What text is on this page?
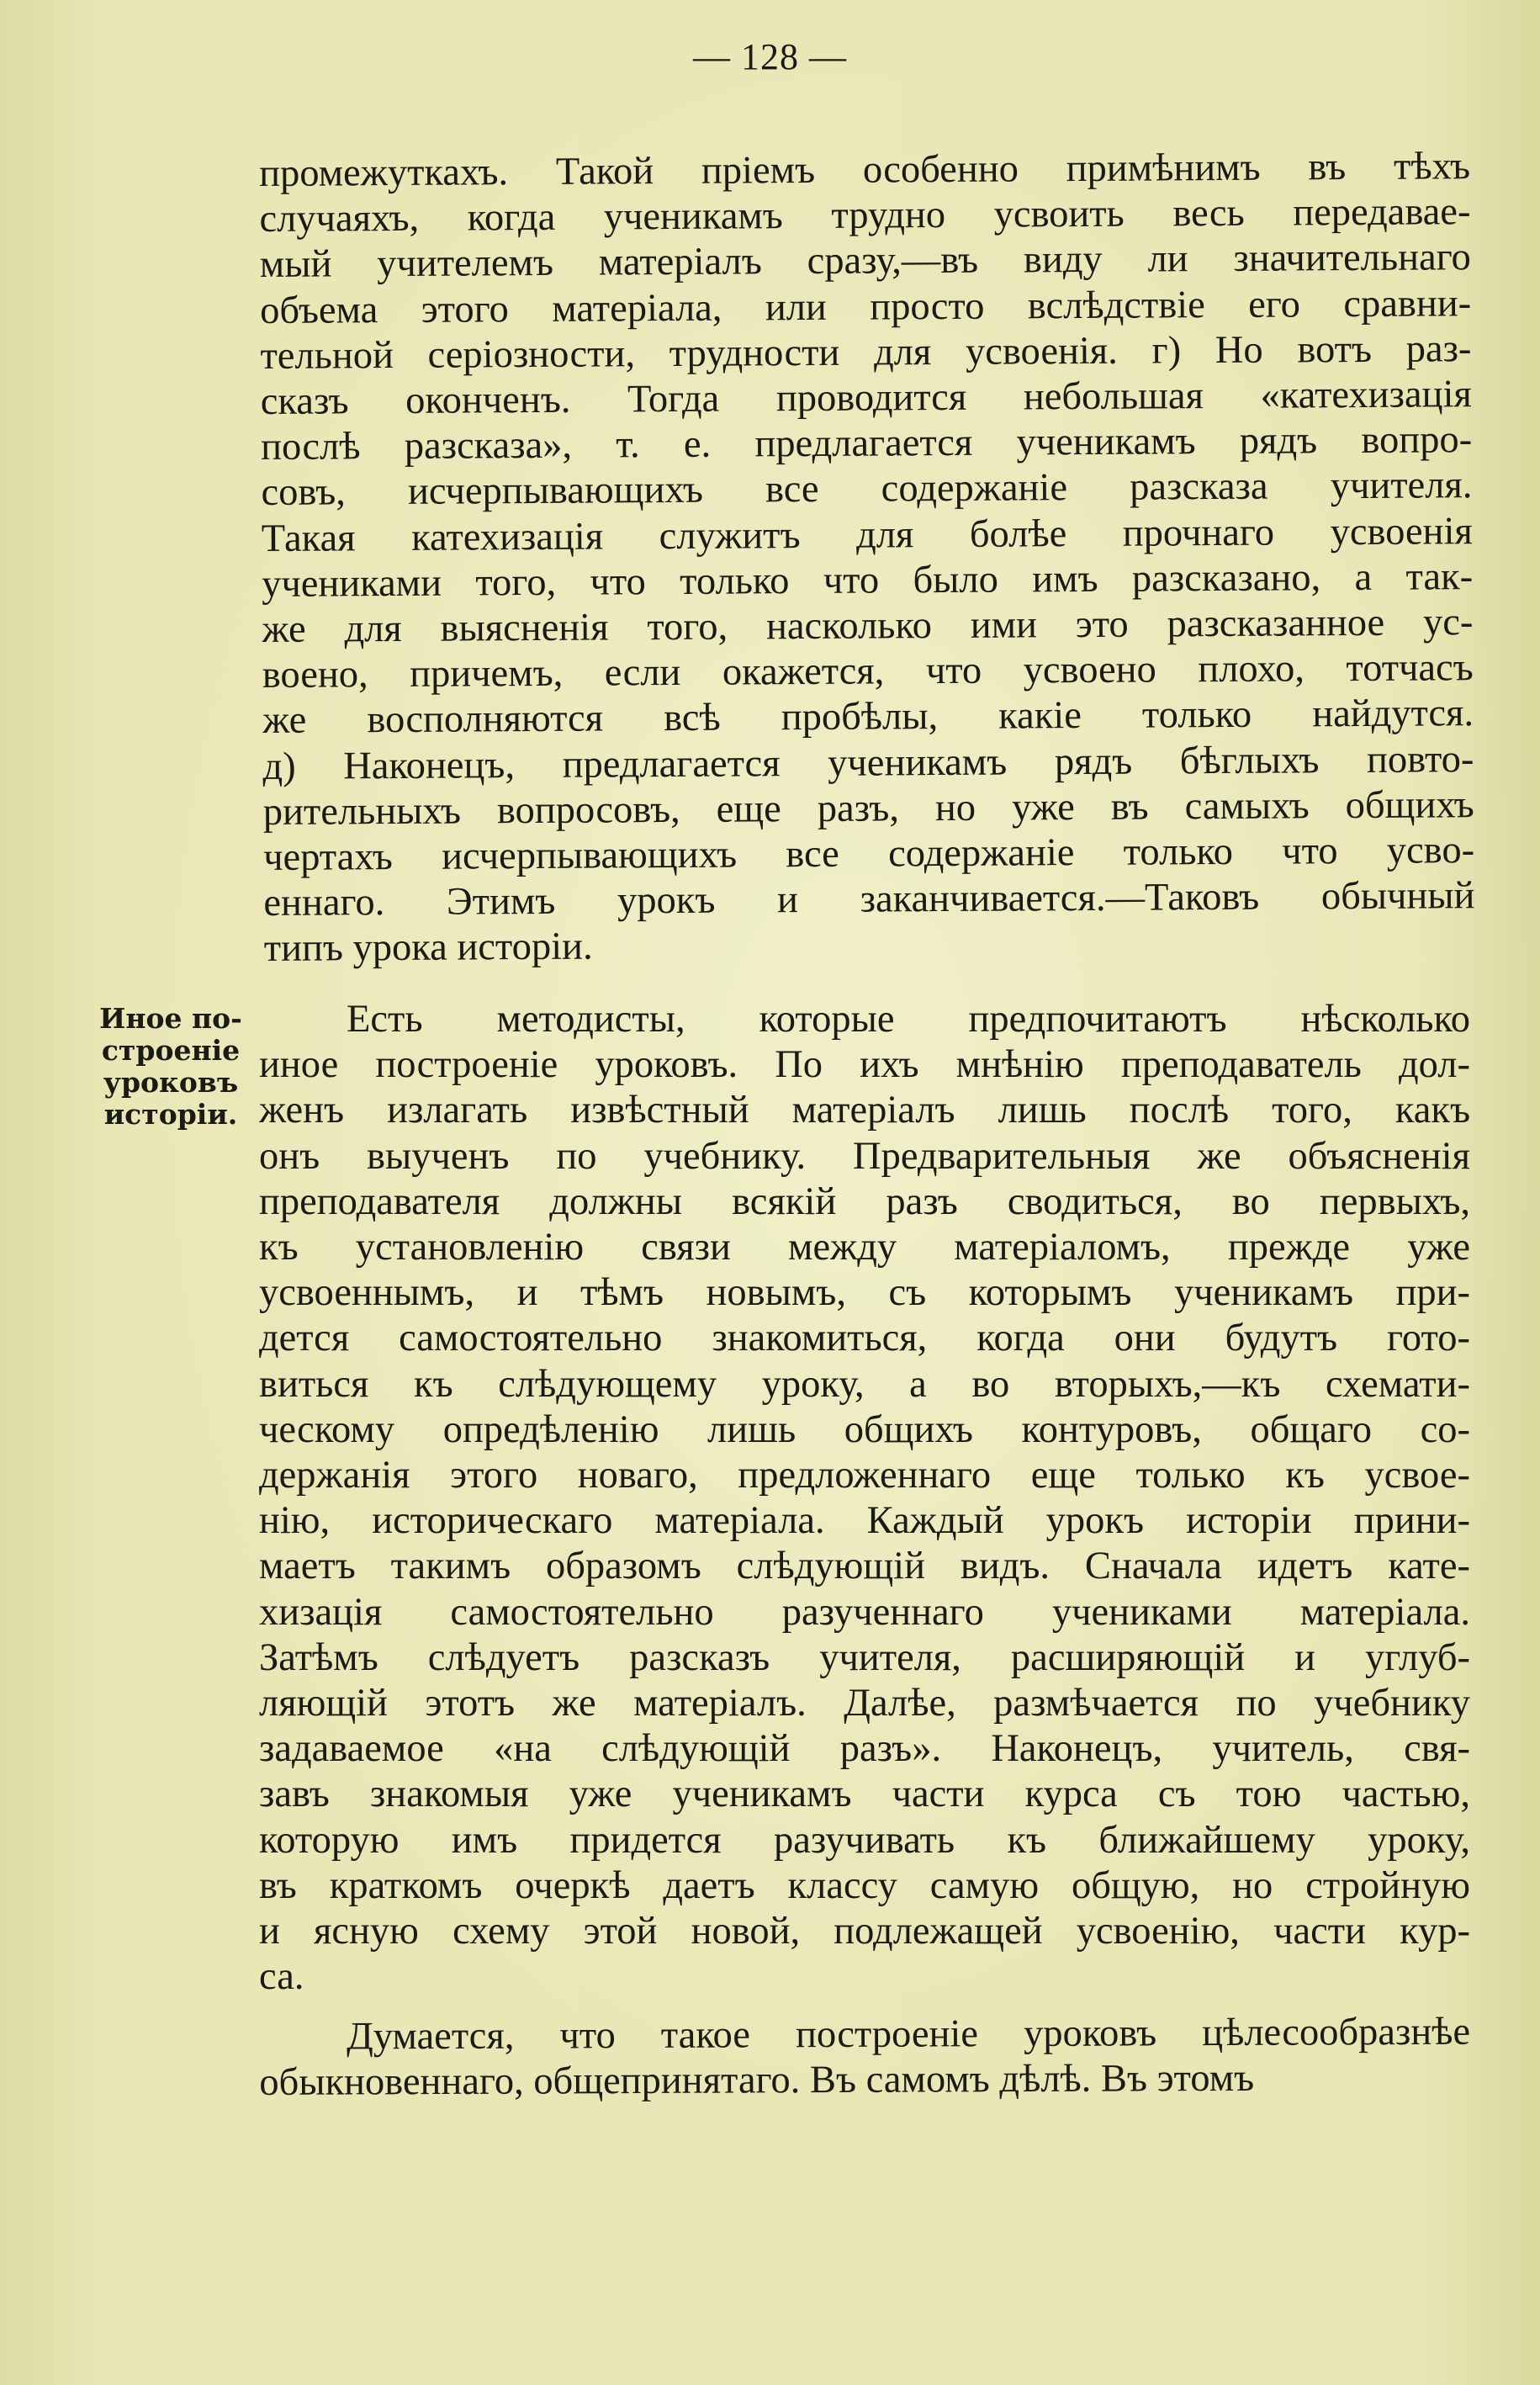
— 128 —
Иное по-
строеніе
уроковъ
исторіи.
промежуткахъ. Такой пріемъ особенно примѣнимъ въ тѣхъ
случаяхъ, когда ученикамъ трудно усвоить весь передавае-
мый учителемъ матеріалъ сразу,—въ виду ли значительнаго
объема этого матеріала, или просто вслѣдствіе его сравни-
тельной серіозности, трудности для усвоенія. г) Но вотъ раз-
сказъ оконченъ. Тогда проводится небольшая «катехизація
послѣ разсказа», т. е. предлагается ученикамъ рядъ вопро-
совъ, исчерпывающихъ все содержаніе разсказа учителя.
Такая катехизація служитъ для болѣе прочнаго усвоенія
учениками того, что только что было имъ разсказано, а так-
же для выясненія того, насколько ими это разсказанное ус-
воено, причемъ, если окажется, что усвоено плохо, тотчасъ
же восполняются всѣ пробѣлы, какіе только найдутся.
д) Наконецъ, предлагается ученикамъ рядъ бѣглыхъ повто-
рительныхъ вопросовъ, еще разъ, но уже въ самыхъ общихъ
чертахъ исчерпывающихъ все содержаніе только что усво-
еннаго. Этимъ урокъ и заканчивается.—Таковъ обычный
типъ урока исторіи.
Есть методисты, которые предпочитаютъ нѣсколько
иное построеніе уроковъ. По ихъ мнѣнію преподаватель дол-
женъ излагать извѣстный матеріалъ лишь послѣ того, какъ
онъ выученъ по учебнику. Предварительныя же объясненія
преподавателя должны всякій разъ сводиться, во первыхъ,
къ установленію связи между матеріаломъ, прежде уже
усвоеннымъ, и тѣмъ новымъ, съ которымъ ученикамъ при-
дется самостоятельно знакомиться, когда они будутъ гото-
виться къ слѣдующему уроку, а во вторыхъ,—къ схемати-
ческому опредѣленію лишь общихъ контуровъ, общаго со-
держанія этого новаго, предложеннаго еще только къ усвое-
нію, историческаго матеріала. Каждый урокъ исторіи прини-
маетъ такимъ образомъ слѣдующій видъ. Сначала идетъ кате-
хизація самостоятельно разученнаго учениками матеріала.
Затѣмъ слѣдуетъ разсказъ учителя, расширяющій и углуб-
ляющій этотъ же матеріалъ. Далѣе, размѣчается по учебнику
задаваемое «на слѣдующій разъ». Наконецъ, учитель, свя-
завъ знакомыя уже ученикамъ части курса съ тою частью,
которую имъ придется разучивать къ ближайшему уроку,
въ краткомъ очеркѣ даетъ классу самую общую, но стройную
и ясную схему этой новой, подлежащей усвоенію, части кур-
са.
Думается, что такое построеніе уроковъ цѣлесообразнѣе
обыкновеннаго, общепринятаго. Въ самомъ дѣлѣ. Въ этомъ
